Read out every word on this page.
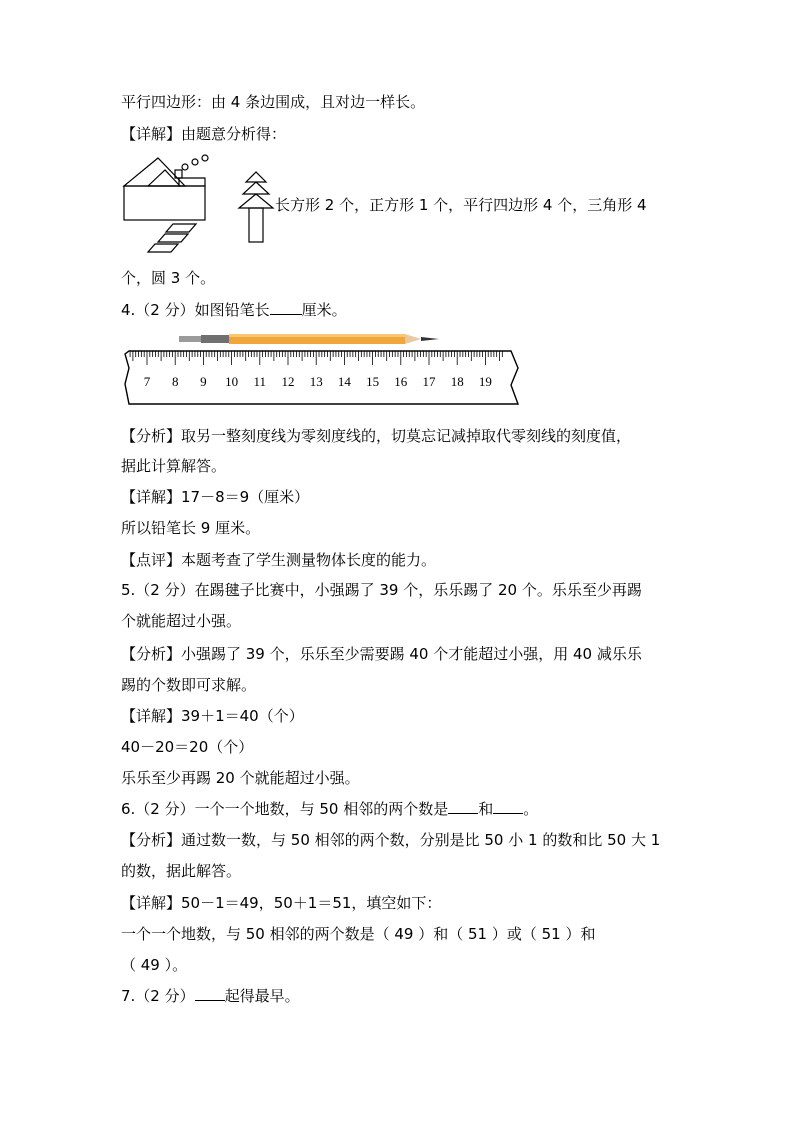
平行四边形：由 4 条边围成，且对边一样长。
【详解】由题意分析得：
长方形 2 个，正方形 1 个，平行四边形 4 个，三角形 4
个，圆 3 个。
4.（2 分）如图铅笔长 厘米。
7 8 9 10 11 12 13 14 15 16 17 18 19
【分析】取另一整刻度线为零刻度线的，切莫忘记减掉取代零刻线的刻度值，
据此计算解答。
【详解】17－8＝9（厘米）
所以铅笔长 9 厘米。
【点评】本题考查了学生测量物体长度的能力。
5.（2 分）在踢毽子比赛中，小强踢了 39 个，乐乐踢了 20 个。乐乐至少再踢
个就能超过小强。
【分析】小强踢了 39 个，乐乐至少需要踢 40 个才能超过小强，用 40 减乐乐
踢的个数即可求解。
【详解】39＋1＝40（个）
40－20＝20（个）
乐乐至少再踢 20 个就能超过小强。
6.（2 分）一个一个地数，与 50 相邻的两个数是 和 。
【分析】通过数一数，与 50 相邻的两个数，分别是比 50 小 1 的数和比 50 大 1
的数，据此解答。
【详解】50－1＝49，50＋1＝51，填空如下：
一个一个地数，与 50 相邻的两个数是（ 49 ）和（ 51 ）或（ 51 ）和
（ 49 ）。
7.（2 分） 起得最早。
